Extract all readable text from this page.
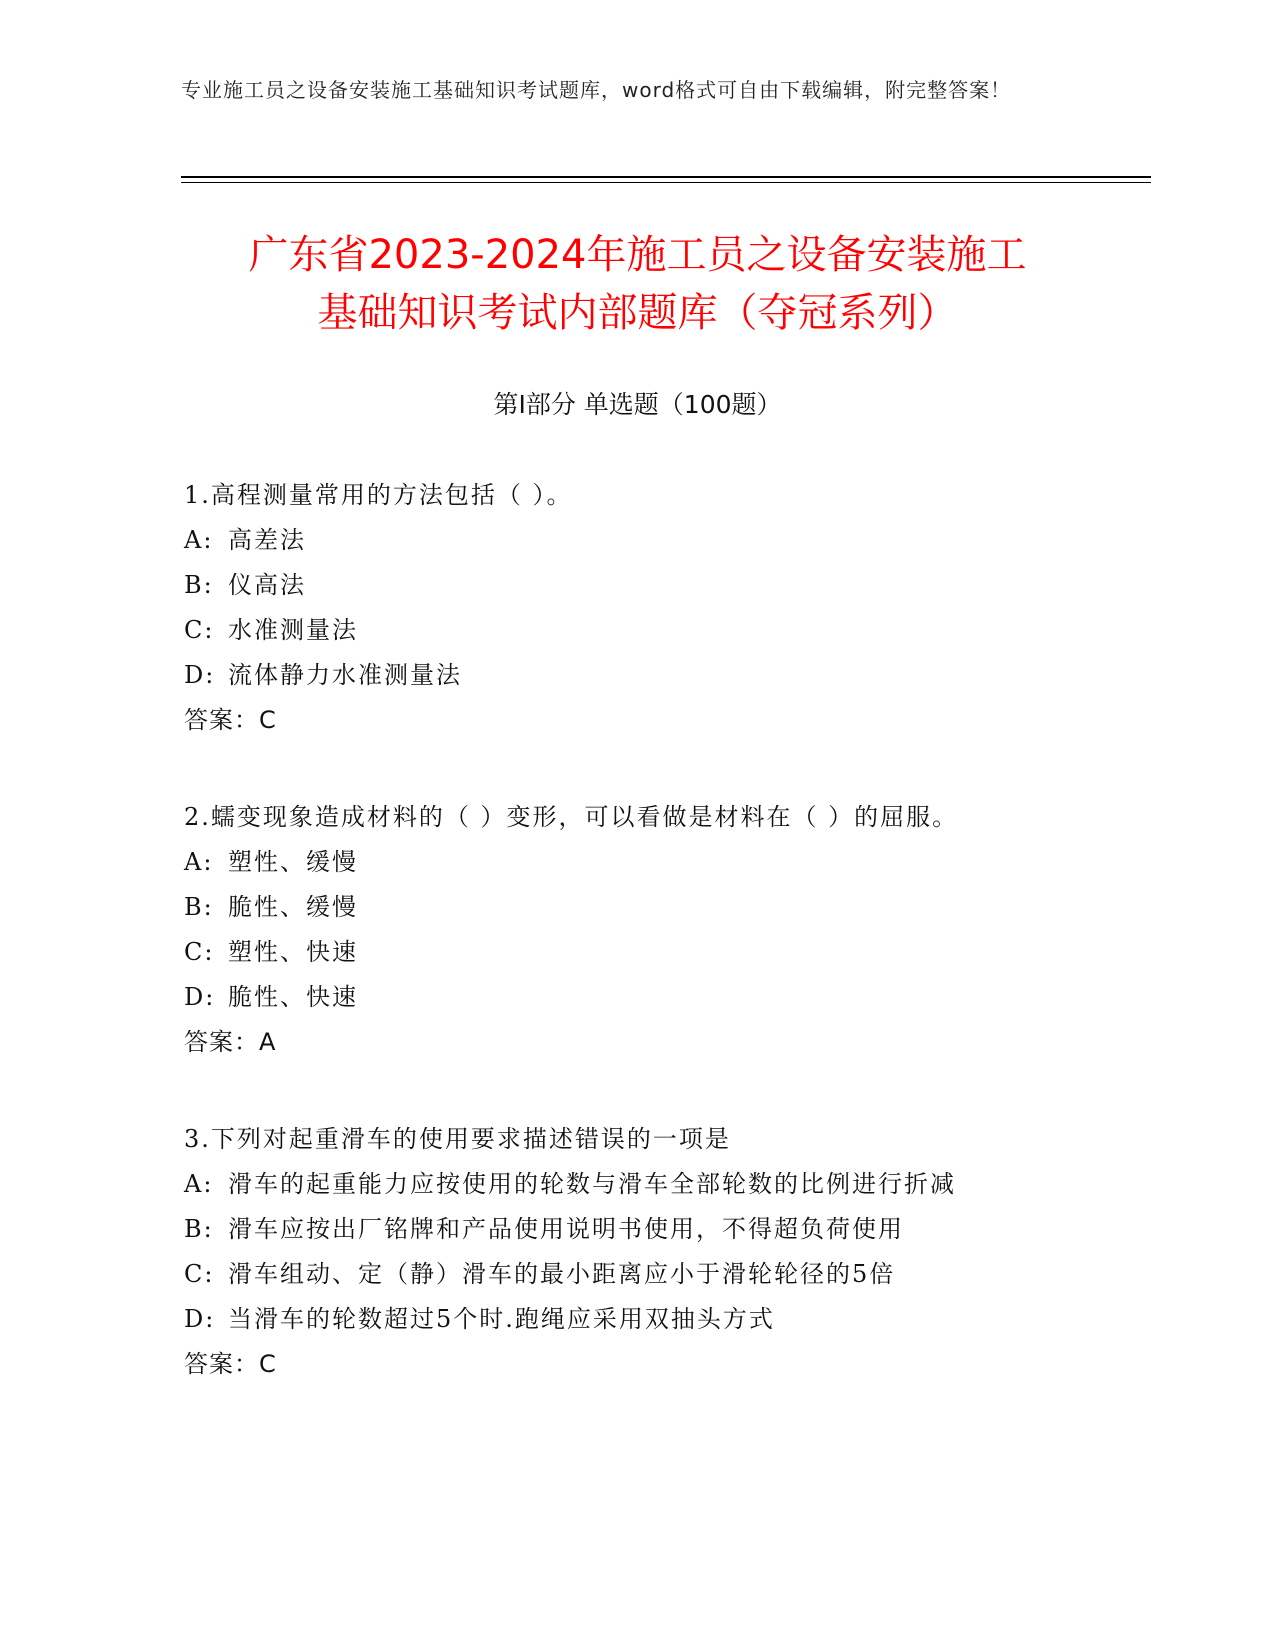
专业施工员之设备安装施工基础知识考试题库，word格式可自由下载编辑，附完整答案！
广东省2023-2024年施工员之设备安装施工
基础知识考试内部题库（夺冠系列）
第Ⅰ部分 单选题（100题）
1.高程测量常用的方法包括（ ）。
A: 高差法
B: 仪高法
C: 水准测量法
D: 流体静力水准测量法
答案：C
2.蠕变现象造成材料的（ ）变形，可以看做是材料在（ ）的屈服。
A: 塑性、缓慢
B: 脆性、缓慢
C: 塑性、快速
D: 脆性、快速
答案：A
3.下列对起重滑车的使用要求描述错误的一项是
A: 滑车的起重能力应按使用的轮数与滑车全部轮数的比例进行折减
B: 滑车应按出厂铭牌和产品使用说明书使用，不得超负荷使用
C: 滑车组动、定（静）滑车的最小距离应小于滑轮轮径的5倍
D: 当滑车的轮数超过5个时.跑绳应采用双抽头方式
答案：C
